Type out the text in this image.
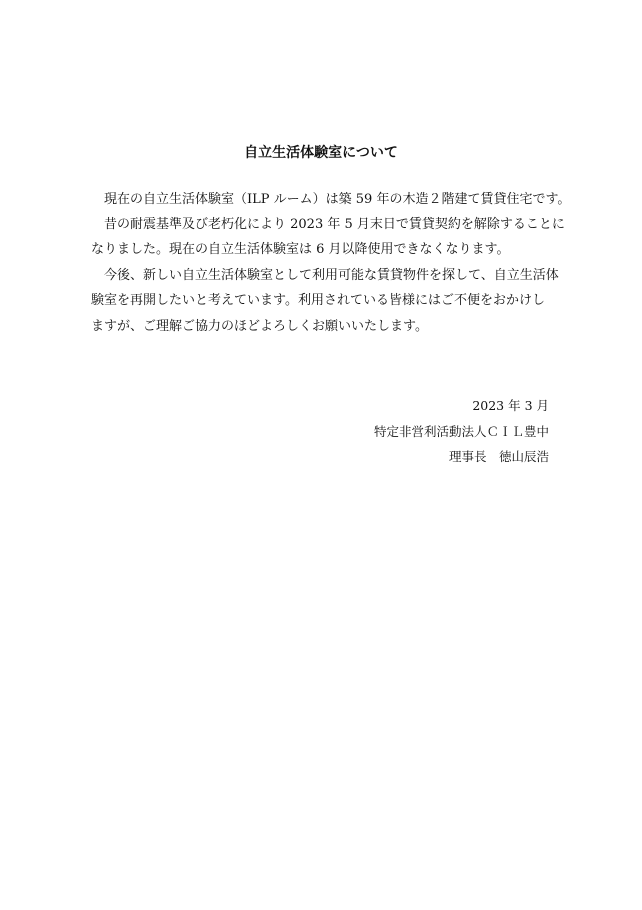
自立生活体験室について

現在の自立生活体験室（ILP ルーム）は築 59 年の木造２階建て賃貸住宅です。

昔の耐震基準及び老朽化により 2023 年 5 月末日で賃貸契約を解除することに

なりました。現在の自立生活体験室は 6 月以降使用できなくなります。

今後、新しい自立生活体験室として利用可能な賃貸物件を探して、自立生活体

験室を再開したいと考えています。利用されている皆様にはご不便をおかけし

ますが、ご理解ご協力のほどよろしくお願いいたします。

2023 年 3 月
特定非営利活動法人ＣＩＬ豊中
理事長　徳山辰浩
